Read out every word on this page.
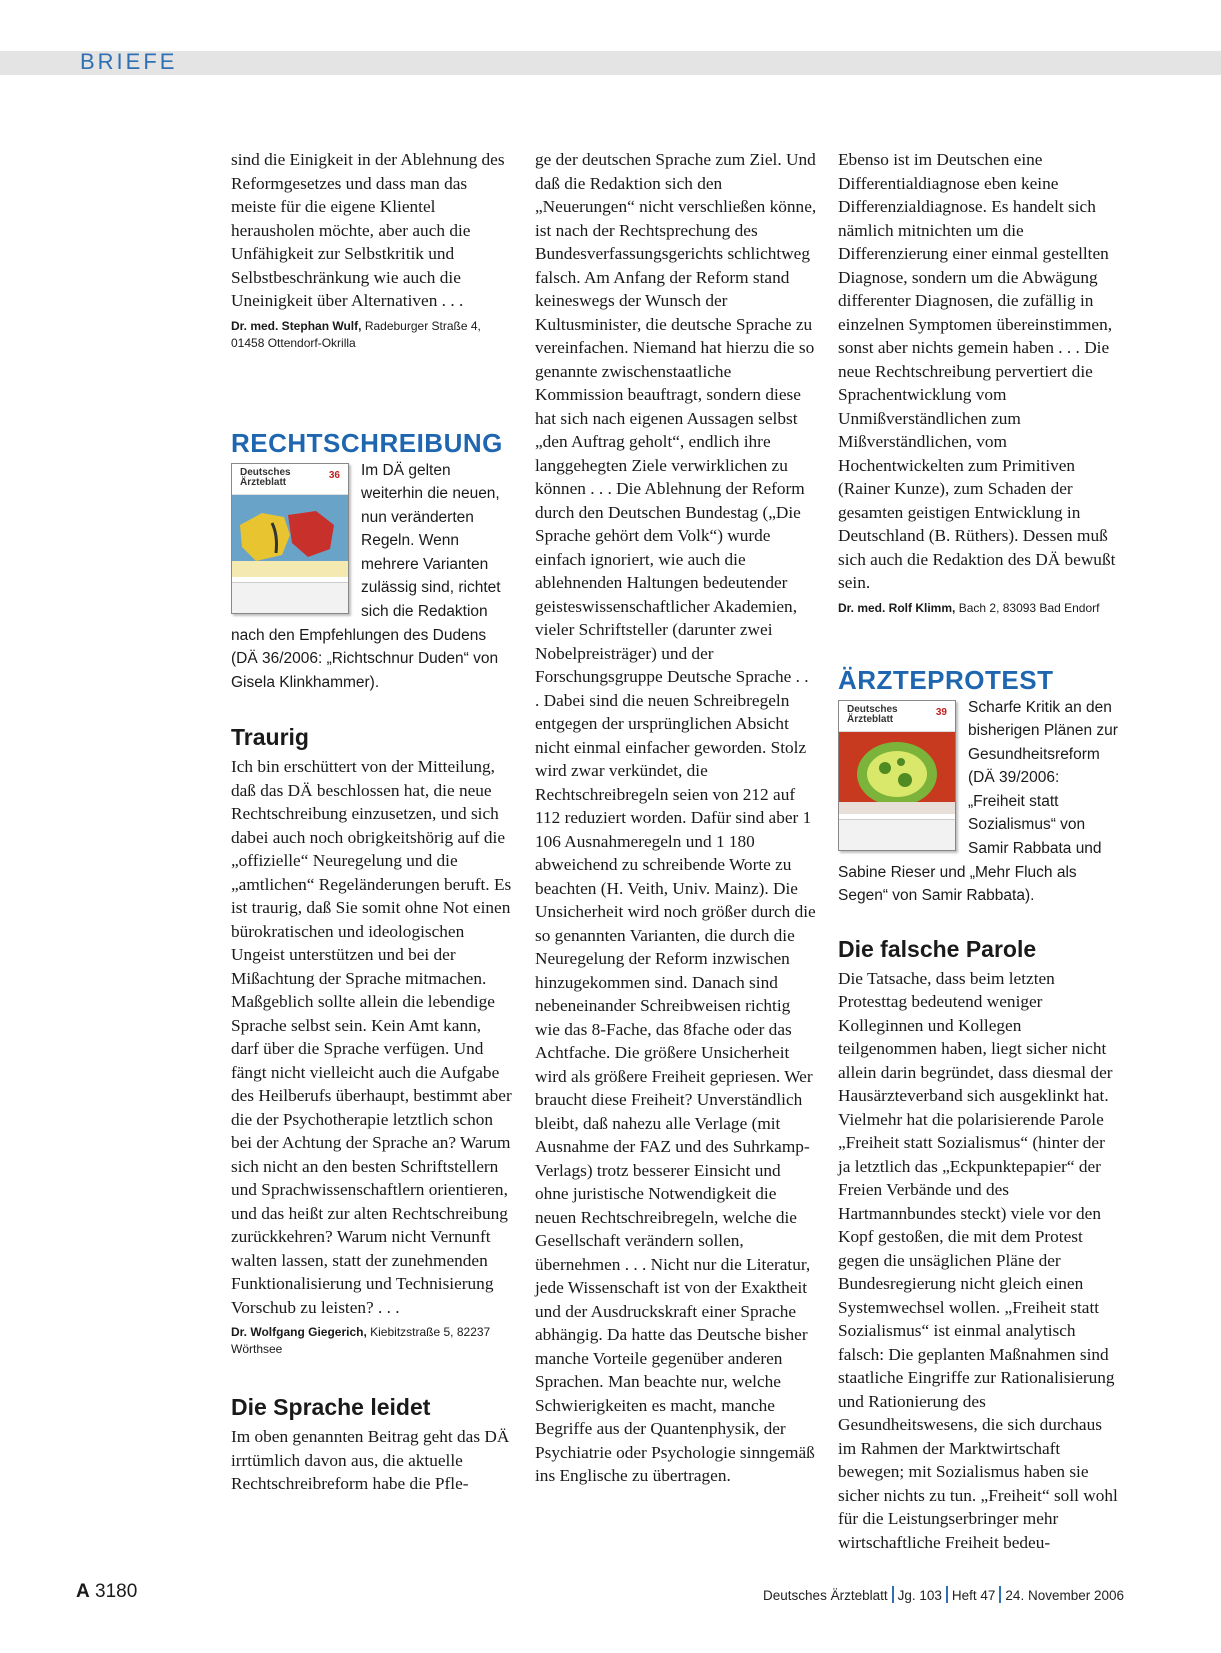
BRIEFE

sind die Einigkeit in der Ablehnung des Reformgesetzes und dass man das meiste für die eigene Klientel herausholen möchte, aber auch die Unfähigkeit zur Selbstkritik und Selbstbeschränkung wie auch die Uneinigkeit über Alternativen . . .

Dr. med. Stephan Wulf, Radeburger Straße 4, 01458 Ottendorf-Okrilla

RECHTSCHREIBUNG
Deutsches Ärzteblatt
36	Im DÄ gelten weiterhin die neuen, nun veränderten Regeln. Wenn mehrere Varianten zulässig sind, richtet sich die Redaktion nach den Empfehlungen des Dudens (DÄ 36/2006: „Richtschnur Duden“ von Gisela Klinkhammer).

Traurig

Ich bin erschüttert von der Mitteilung, daß das DÄ beschlossen hat, die neue Rechtschreibung einzusetzen, und sich dabei auch noch obrigkeitshörig auf die „offizielle“ Neuregelung und die „amtlichen“ Regeländerungen beruft. Es ist traurig, daß Sie somit ohne Not einen bürokratischen und ideologischen Ungeist unterstützen und bei der Mißachtung der Sprache mitmachen. Maßgeblich sollte allein die lebendige Sprache selbst sein. Kein Amt kann, darf über die Sprache verfügen. Und fängt nicht vielleicht auch die Aufgabe des Heilberufs überhaupt, bestimmt aber die der Psychotherapie letztlich schon bei der Achtung der Sprache an? Warum sich nicht an den besten Schriftstellern und Sprachwissenschaftlern orientieren, und das heißt zur alten Rechtschreibung zurückkehren? Warum nicht Vernunft walten lassen, statt der zunehmenden Funktionalisierung und Technisierung Vorschub zu leisten? . . .

Dr. Wolfgang Giegerich, Kiebitzstraße 5, 82237 Wörthsee

Die Sprache leidet

Im oben genannten Beitrag geht das DÄ irrtümlich davon aus, die aktuelle Rechtschreibreform habe die Pfle-

ge der deutschen Sprache zum Ziel. Und daß die Redaktion sich den „Neuerungen“ nicht verschließen könne, ist nach der Rechtsprechung des Bundesverfassungsgerichts schlichtweg falsch. Am Anfang der Reform stand keineswegs der Wunsch der Kultusminister, die deutsche Sprache zu vereinfachen. Niemand hat hierzu die so genannte zwischenstaatliche Kommission beauftragt, sondern diese hat sich nach eigenen Aussagen selbst „den Auftrag geholt“, endlich ihre langgehegten Ziele verwirklichen zu können . . . Die Ablehnung der Reform durch den Deutschen Bundestag („Die Sprache gehört dem Volk“) wurde einfach ignoriert, wie auch die ablehnenden Haltungen bedeutender geisteswissenschaftlicher Akademien, vieler Schriftsteller (darunter zwei Nobelpreisträger) und der Forschungsgruppe Deutsche Sprache . . . Dabei sind die neuen Schreibregeln entgegen der ursprünglichen Absicht nicht einmal einfacher geworden. Stolz wird zwar verkündet, die Rechtschreibregeln seien von 212 auf 112 reduziert worden. Dafür sind aber 1 106 Ausnahmeregeln und 1 180 abweichend zu schreibende Worte zu beachten (H. Veith, Univ. Mainz). Die Unsicherheit wird noch größer durch die so genannten Varianten, die durch die Neuregelung der Reform inzwischen hinzugekommen sind. Danach sind nebeneinander Schreibweisen richtig wie das 8-Fache, das 8fache oder das Achtfache. Die größere Unsicherheit wird als größere Freiheit gepriesen. Wer braucht diese Freiheit? Unverständlich bleibt, daß nahezu alle Verlage (mit Ausnahme der FAZ und des Suhrkamp-Verlags) trotz besserer Einsicht und ohne juristische Notwendigkeit die neuen Rechtschreibregeln, welche die Gesellschaft verändern sollen, übernehmen . . . Nicht nur die Literatur, jede Wissenschaft ist von der Exaktheit und der Ausdruckskraft einer Sprache abhängig. Da hatte das Deutsche bisher manche Vorteile gegenüber anderen Sprachen. Man beachte nur, welche Schwierigkeiten es macht, manche Begriffe aus der Quantenphysik, der Psychiatrie oder Psychologie sinngemäß ins Englische zu übertragen.

Ebenso ist im Deutschen eine Differentialdiagnose eben keine Differenzialdiagnose. Es handelt sich nämlich mitnichten um die Differenzierung einer einmal gestellten Diagnose, sondern um die Abwägung differenter Diagnosen, die zufällig in einzelnen Symptomen übereinstimmen, sonst aber nichts gemein haben . . . Die neue Rechtschreibung pervertiert die Sprachentwicklung vom Unmißverständlichen zum Mißverständlichen, vom Hochentwickelten zum Primitiven (Rainer Kunze), zum Schaden der gesamten geistigen Entwicklung in Deutschland (B. Rüthers). Dessen muß sich auch die Redaktion des DÄ bewußt sein.

Dr. med. Rolf Klimm, Bach 2, 83093 Bad Endorf

ÄRZTEPROTEST
Deutsches Ärzteblatt
39	Scharfe Kritik an den bisherigen Plänen zur Gesundheitsreform (DÄ 39/2006: „Freiheit statt Sozialismus“ von Samir Rabbata und Sabine Rieser und „Mehr Fluch als Segen“ von Samir Rabbata).

Die falsche Parole

Die Tatsache, dass beim letzten Protesttag bedeutend weniger Kolleginnen und Kollegen teilgenommen haben, liegt sicher nicht allein darin begründet, dass diesmal der Hausärzteverband sich ausgeklinkt hat. Vielmehr hat die polarisierende Parole „Freiheit statt Sozialismus“ (hinter der ja letztlich das „Eckpunktepapier“ der Freien Verbände und des Hartmannbundes steckt) viele vor den Kopf gestoßen, die mit dem Protest gegen die unsäglichen Pläne der Bundesregierung nicht gleich einen Systemwechsel wollen. „Freiheit statt Sozialismus“ ist einmal analytisch falsch: Die geplanten Maßnahmen sind staatliche Eingriffe zur Rationalisierung und Rationierung des Gesundheitswesens, die sich durchaus im Rahmen der Marktwirtschaft bewegen; mit Sozialismus haben sie sicher nichts zu tun. „Freiheit“ soll wohl für die Leistungserbringer mehr wirtschaftliche Freiheit bedeu-

A 3180	Deutsches Ärzteblatt Jg. 103 Heft 47 24. November 2006
